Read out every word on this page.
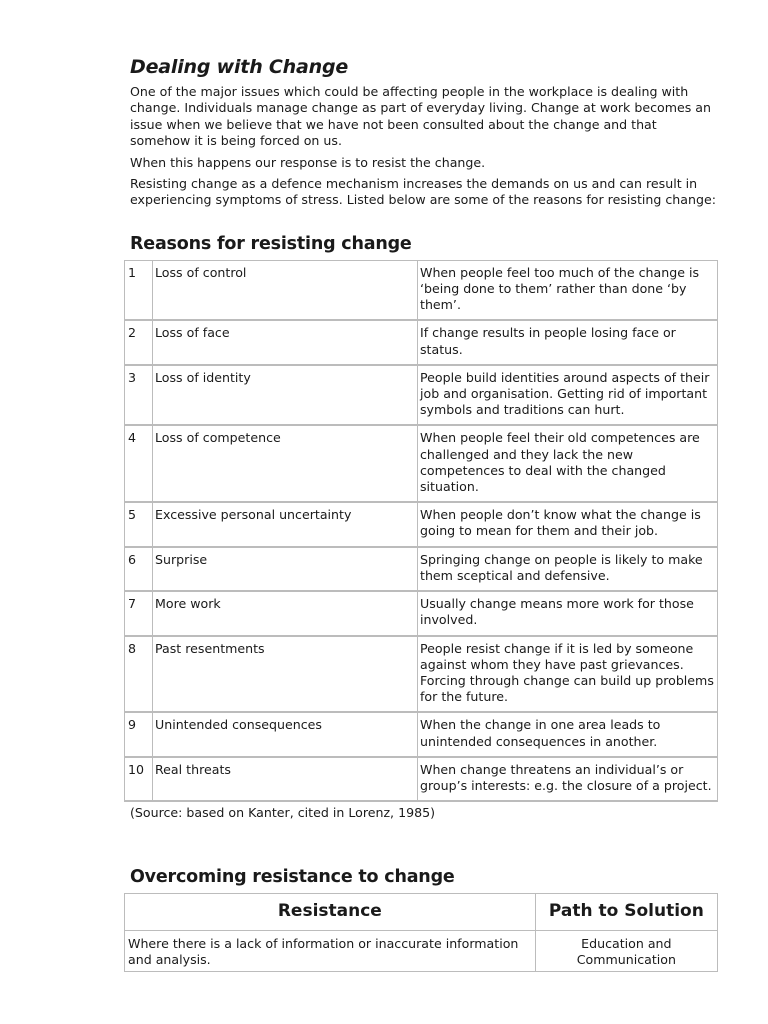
Dealing with Change

One of the major issues which could be affecting people in the workplace is dealing with change. Individuals manage change as part of everyday living. Change at work becomes an issue when we believe that we have not been consulted about the change and that somehow it is being forced on us.

When this happens our response is to resist the change.

Resisting change as a defence mechanism increases the demands on us and can result in experiencing symptoms of stress. Listed below are some of the reasons for resisting change:

Reasons for resisting change
1	Loss of control	When people feel too much of the change is ‘being done to them’ rather than done ‘by them’.
2	Loss of face	If change results in people losing face or status.
3	Loss of identity	People build identities around aspects of their job and organisation. Getting rid of important symbols and traditions can hurt.
4	Loss of competence	When people feel their old competences are challenged and they lack the new competences to deal with the changed situation.
5	Excessive personal uncertainty	When people don’t know what the change is going to mean for them and their job.
6	Surprise	Springing change on people is likely to make them sceptical and defensive.
7	More work	Usually change means more work for those involved.
8	Past resentments	People resist change if it is led by someone against whom they have past grievances. Forcing through change can build up problems for the future.
9	Unintended consequences	When the change in one area leads to unintended consequences in another.
10	Real threats	When change threatens an individual’s or group’s interests: e.g. the closure of a project.

(Source: based on Kanter, cited in Lorenz, 1985)

Overcoming resistance to change
Resistance	Path to Solution
Where there is a lack of information or inaccurate information and analysis.	Education and Communication
